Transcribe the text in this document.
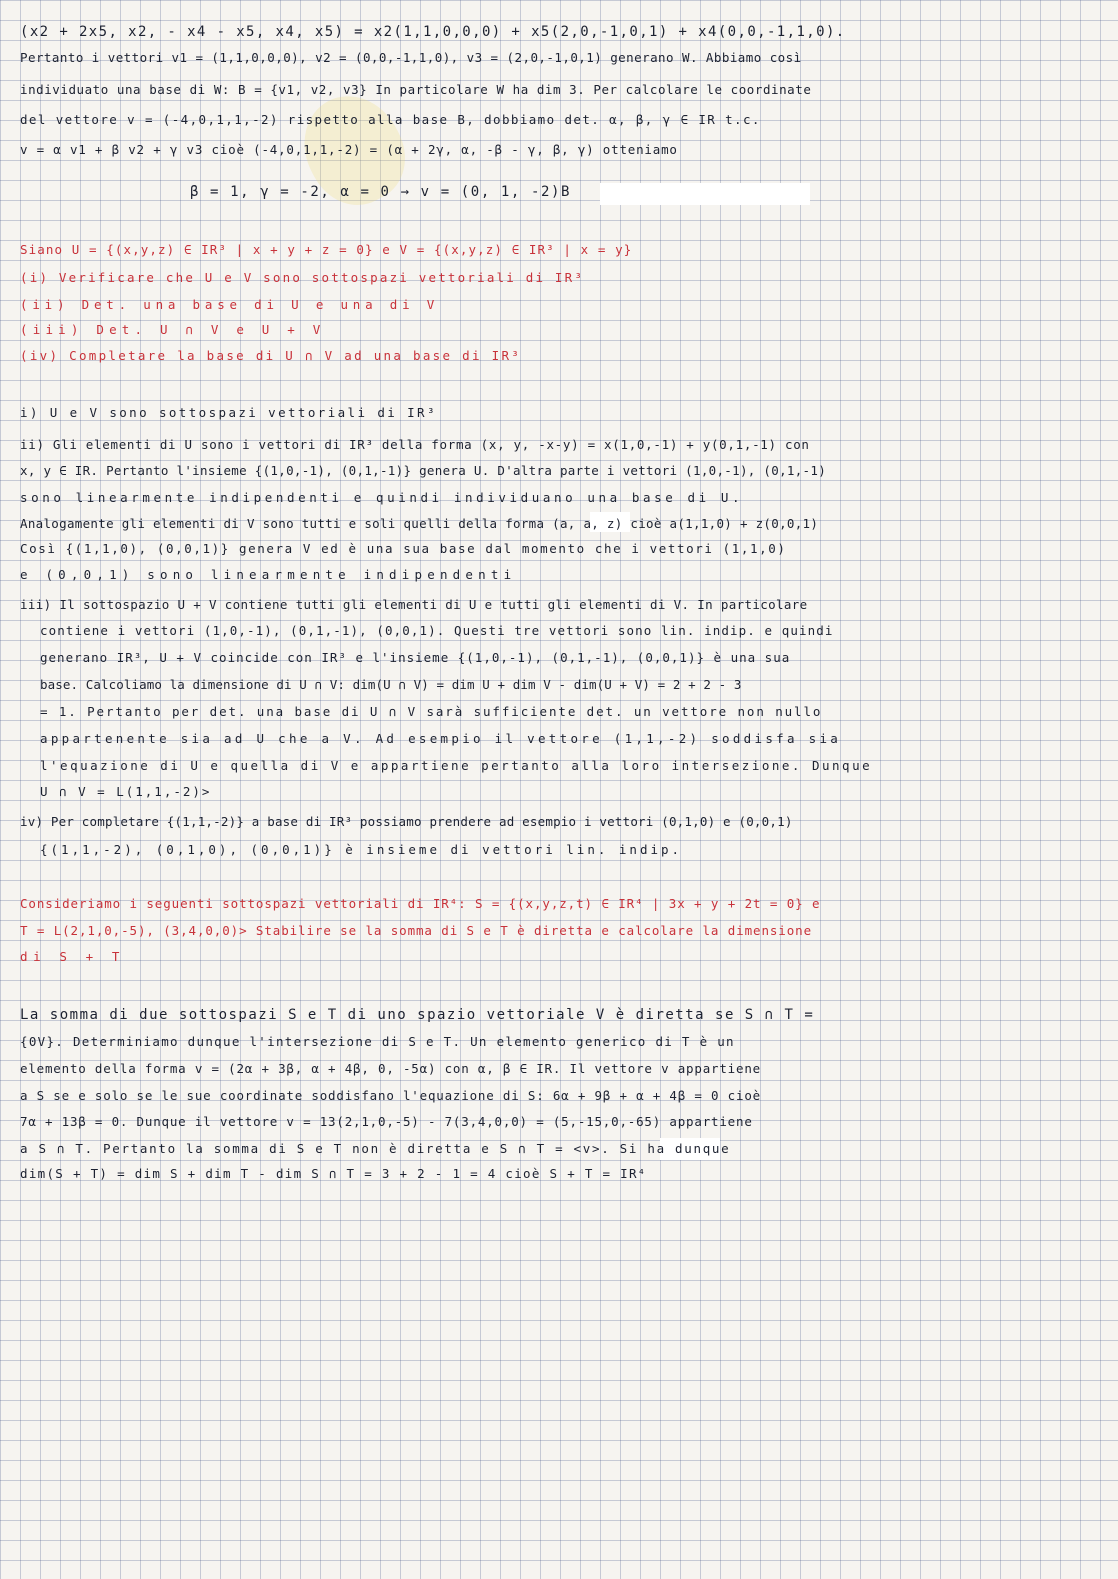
(x2 + 2x5, x2, - x4 - x5, x4, x5) = x2(1,1,0,0,0) + x5(2,0,-1,0,1) + x4(0,0,-1,1,0).
Pertanto i vettori v1 = (1,1,0,0,0), v2 = (0,0,-1,1,0), v3 = (2,0,-1,0,1) generano W. Abbiamo così
individuato una base di W: B = {v1, v2, v3} In particolare W ha dim 3. Per calcolare le coordinate
del vettore v = (-4,0,1,1,-2) rispetto alla base B, dobbiamo det. α, β, γ ∈ IR t.c.
v = α v1 + β v2 + γ v3 cioè (-4,0,1,1,-2) = (α + 2γ, α, -β - γ, β, γ) otteniamo
β = 1, γ = -2, α = 0 → v = (0, 1, -2)B
Siano U = {(x,y,z) ∈ IR³ | x + y + z = 0} e V = {(x,y,z) ∈ IR³ | x = y}
(i) Verificare che U e V sono sottospazi vettoriali di IR³
(ii) Det. una base di U e una di V
(iii) Det. U ∩ V e U + V
(iv) Completare la base di U ∩ V ad una base di IR³
i) U e V sono sottospazi vettoriali di IR³
ii) Gli elementi di U sono i vettori di IR³ della forma (x, y, -x-y) = x(1,0,-1) + y(0,1,-1) con
x, y ∈ IR. Pertanto l'insieme {(1,0,-1), (0,1,-1)} genera U. D'altra parte i vettori (1,0,-1), (0,1,-1)
sono linearmente indipendenti e quindi individuano una base di U.
Analogamente gli elementi di V sono tutti e soli quelli della forma (a, a, z) cioè a(1,1,0) + z(0,0,1)
Così {(1,1,0), (0,0,1)} genera V ed è una sua base dal momento che i vettori (1,1,0)
e (0,0,1) sono linearmente indipendenti
iii) Il sottospazio U + V contiene tutti gli elementi di U e tutti gli elementi di V. In particolare
contiene i vettori (1,0,-1), (0,1,-1), (0,0,1). Questi tre vettori sono lin. indip. e quindi
generano IR³, U + V coincide con IR³ e l'insieme {(1,0,-1), (0,1,-1), (0,0,1)} è una sua
base. Calcoliamo la dimensione di U ∩ V: dim(U ∩ V) = dim U + dim V - dim(U + V) = 2 + 2 - 3
= 1. Pertanto per det. una base di U ∩ V sarà sufficiente det. un vettore non nullo
appartenente sia ad U che a V. Ad esempio il vettore (1,1,-2) soddisfa sia
l'equazione di U e quella di V e appartiene pertanto alla loro intersezione. Dunque
U ∩ V = L(1,1,-2)>
iv) Per completare {(1,1,-2)} a base di IR³ possiamo prendere ad esempio i vettori (0,1,0) e (0,0,1)
{(1,1,-2), (0,1,0), (0,0,1)} è insieme di vettori lin. indip.
Consideriamo i seguenti sottospazi vettoriali di IR⁴: S = {(x,y,z,t) ∈ IR⁴ | 3x + y + 2t = 0} e
T = L(2,1,0,-5), (3,4,0,0)> Stabilire se la somma di S e T è diretta e calcolare la dimensione
di S + T
La somma di due sottospazi S e T di uno spazio vettoriale V è diretta se S ∩ T =
{0V}. Determiniamo dunque l'intersezione di S e T. Un elemento generico di T è un
elemento della forma v = (2α + 3β, α + 4β, 0, -5α) con α, β ∈ IR. Il vettore v appartiene
a S se e solo se le sue coordinate soddisfano l'equazione di S: 6α + 9β + α + 4β = 0 cioè
7α + 13β = 0. Dunque il vettore v = 13(2,1,0,-5) - 7(3,4,0,0) = (5,-15,0,-65) appartiene
a S ∩ T. Pertanto la somma di S e T non è diretta e S ∩ T = <v>. Si ha dunque
dim(S + T) = dim S + dim T - dim S ∩ T = 3 + 2 - 1 = 4 cioè S + T = IR⁴
